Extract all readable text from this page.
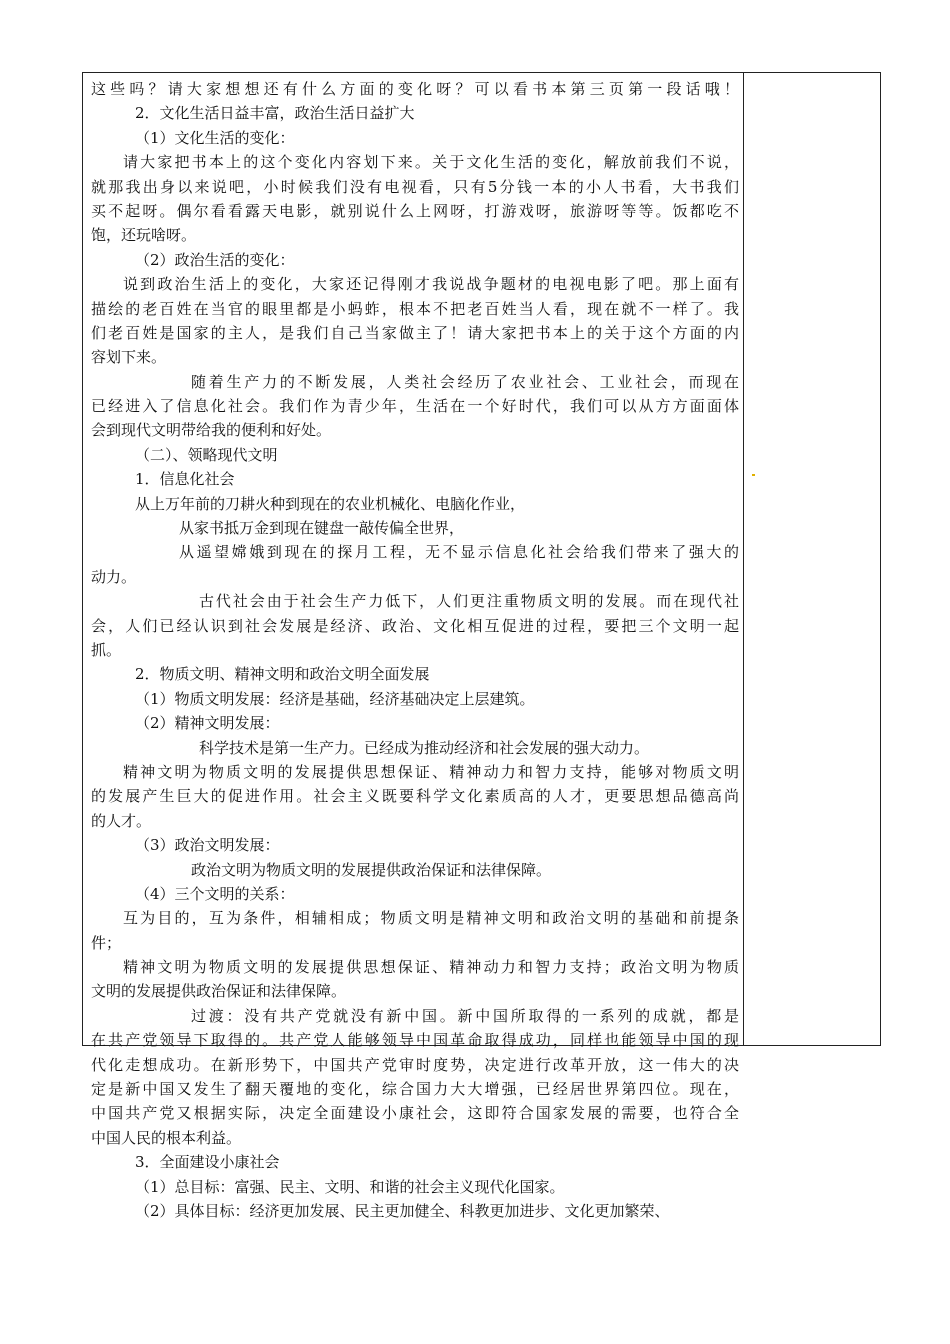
这些吗？请大家想想还有什么方面的变化呀？可以看书本第三页第一段话哦！
2．文化生活日益丰富，政治生活日益扩大
（1）文化生活的变化：
请大家把书本上的这个变化内容划下来。关于文化生活的变化，解放前我们不说，
就那我出身以来说吧，小时候我们没有电视看，只有5分钱一本的小人书看，大书我们
买不起呀。偶尔看看露天电影，就别说什么上网呀，打游戏呀，旅游呀等等。饭都吃不
饱，还玩啥呀。
（2）政治生活的变化：
说到政治生活上的变化，大家还记得刚才我说战争题材的电视电影了吧。那上面有
描绘的老百姓在当官的眼里都是小蚂蚱，根本不把老百姓当人看，现在就不一样了。我
们老百姓是国家的主人，是我们自己当家做主了！请大家把书本上的关于这个方面的内
容划下来。
随着生产力的不断发展，人类社会经历了农业社会、工业社会，而现在
已经进入了信息化社会。我们作为青少年，生活在一个好时代，我们可以从方方面面体
会到现代文明带给我的便利和好处。
（二）、领略现代文明
1．信息化社会
从上万年前的刀耕火种到现在的农业机械化、电脑化作业，
从家书抵万金到现在键盘一敲传偏全世界，
从遥望嫦娥到现在的探月工程，无不显示信息化社会给我们带来了强大的
动力。
古代社会由于社会生产力低下，人们更注重物质文明的发展。而在现代社
会，人们已经认识到社会发展是经济、政治、文化相互促进的过程，要把三个文明一起
抓。
2．物质文明、精神文明和政治文明全面发展
（1）物质文明发展：经济是基础，经济基础决定上层建筑。
（2）精神文明发展：
科学技术是第一生产力。已经成为推动经济和社会发展的强大动力。
精神文明为物质文明的发展提供思想保证、精神动力和智力支持，能够对物质文明
的发展产生巨大的促进作用。社会主义既要科学文化素质高的人才，更要思想品德高尚
的人才。
（3）政治文明发展：
政治文明为物质文明的发展提供政治保证和法律保障。
（4）三个文明的关系：
互为目的，互为条件，相辅相成；物质文明是精神文明和政治文明的基础和前提条
件；
精神文明为物质文明的发展提供思想保证、精神动力和智力支持；政治文明为物质
文明的发展提供政治保证和法律保障。
过渡：没有共产党就没有新中国。新中国所取得的一系列的成就，都是
在共产党领导下取得的。共产党人能够领导中国革命取得成功，同样也能领导中国的现
代化走想成功。在新形势下，中国共产党审时度势，决定进行改革开放，这一伟大的决
定是新中国又发生了翻天覆地的变化，综合国力大大增强，已经居世界第四位。现在，
中国共产党又根据实际，决定全面建设小康社会，这即符合国家发展的需要，也符合全
中国人民的根本利益。
3．全面建设小康社会
（1）总目标：富强、民主、文明、和谐的社会主义现代化国家。
（2）具体目标：经济更加发展、民主更加健全、科教更加进步、文化更加繁荣、
